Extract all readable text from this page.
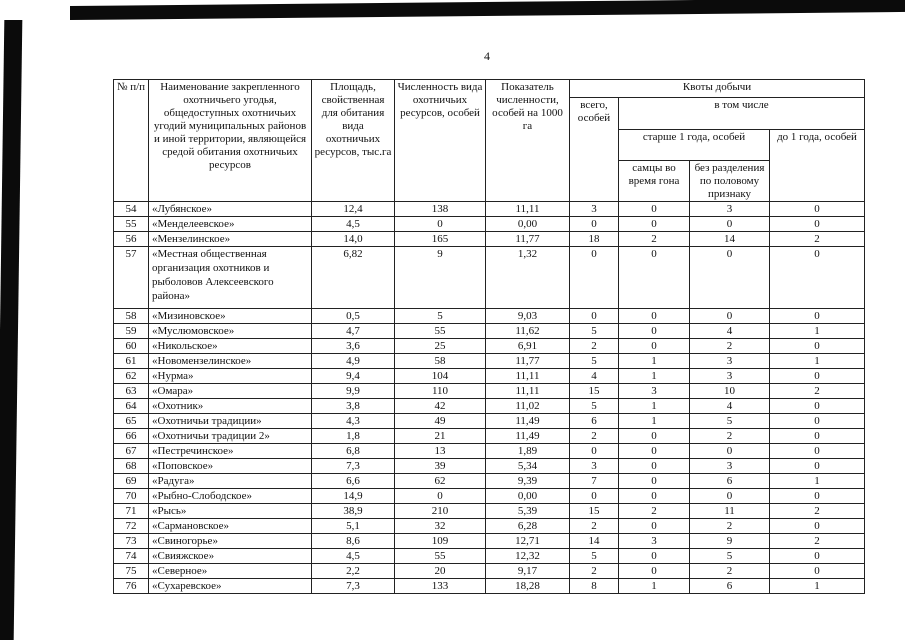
4
№ п/п	Наименование закрепленного охотничьего угодья, общедоступных охотничьих угодий муниципальных районов и иной территории, являющейся средой обитания охотничьих ресурсов	Площадь, свойственная для обитания вида охотничьих ресурсов, тыс.га	Численность вида охотничьих ресурсов, особей	Показатель численности, особей на 1000 га	Квоты добычи			
					всего, особей	в том числе		
						старше 1 года, особей		до 1 года, особей
						самцы во время гона	без разделения по половому признаку	
54	«Лубянское»	12,4	138	11,11	3	0	3	0
55	«Менделеевское»	4,5	0	0,00	0	0	0	0
56	«Мензелинское»	14,0	165	11,77	18	2	14	2
57	«Местная общественная организация охотников и рыболовов Алексеевского района»	6,82	9	1,32	0	0	0	0
58	«Мизиновское»	0,5	5	9,03	0	0	0	0
59	«Муслюмовское»	4,7	55	11,62	5	0	4	1
60	«Никольское»	3,6	25	6,91	2	0	2	0
61	«Новомензелинское»	4,9	58	11,77	5	1	3	1
62	«Нурма»	9,4	104	11,11	4	1	3	0
63	«Омара»	9,9	110	11,11	15	3	10	2
64	«Охотник»	3,8	42	11,02	5	1	4	0
65	«Охотничьи традиции»	4,3	49	11,49	6	1	5	0
66	«Охотничьи традиции 2»	1,8	21	11,49	2	0	2	0
67	«Пестречинское»	6,8	13	1,89	0	0	0	0
68	«Поповское»	7,3	39	5,34	3	0	3	0
69	«Радуга»	6,6	62	9,39	7	0	6	1
70	«Рыбно-Слободское»	14,9	0	0,00	0	0	0	0
71	«Рысь»	38,9	210	5,39	15	2	11	2
72	«Сармановское»	5,1	32	6,28	2	0	2	0
73	«Свиногорье»	8,6	109	12,71	14	3	9	2
74	«Свияжское»	4,5	55	12,32	5	0	5	0
75	«Северное»	2,2	20	9,17	2	0	2	0
76	«Сухаревское»	7,3	133	18,28	8	1	6	1
